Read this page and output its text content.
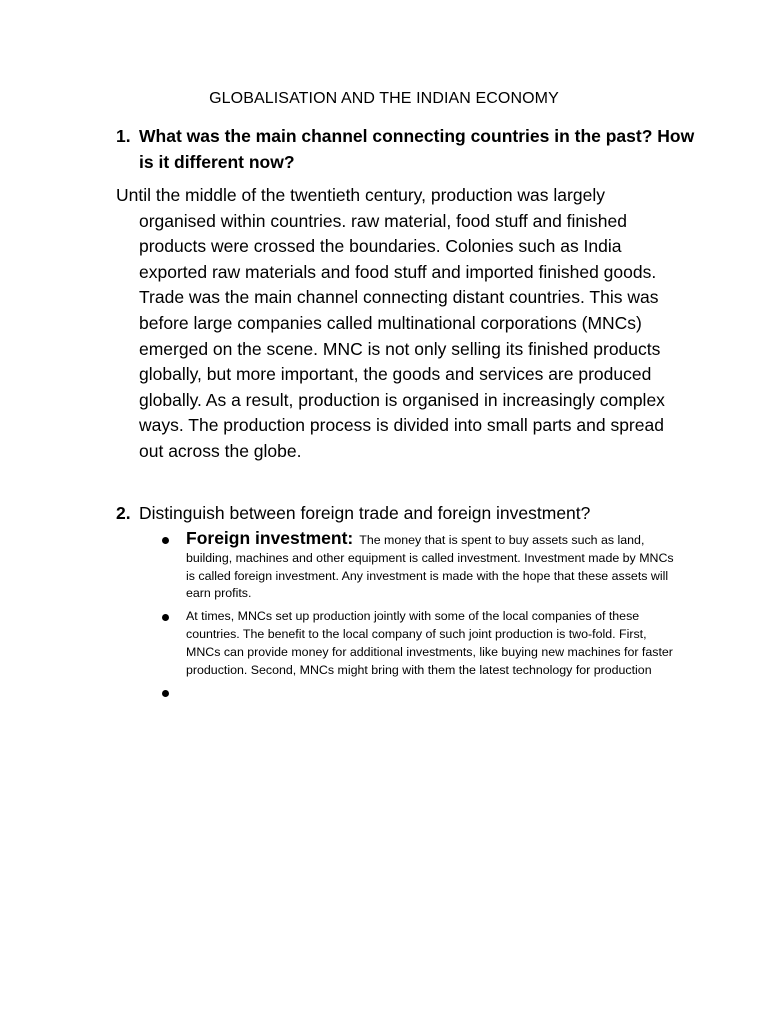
GLOBALISATION AND THE INDIAN ECONOMY
1. What was the main channel connecting countries in the past? How is it different now?

Until the middle of the twentieth century, production was largely organised within countries. raw material, food stuff and finished products were crossed the boundaries. Colonies such as India exported raw materials and food stuff and imported finished goods. Trade was the main channel connecting distant countries. This was before large companies called multinational corporations (MNCs) emerged on the scene. MNC is not only selling its finished products globally, but more important, the goods and services are produced globally. As a result, production is organised in increasingly complex ways. The production process is divided into small parts and spread out across the globe.

2. Distinguish between foreign trade and foreign investment?
Foreign investment: The money that is spent to buy assets such as land, building, machines and other equipment is called investment. Investment made by MNCs is called foreign investment. Any investment is made with the hope that these assets will earn profits.
At times, MNCs set up production jointly with some of the local companies of these countries. The benefit to the local company of such joint production is two-fold. First, MNCs can provide money for additional investments, like buying new machines for faster production. Second, MNCs might bring with them the latest technology for production
